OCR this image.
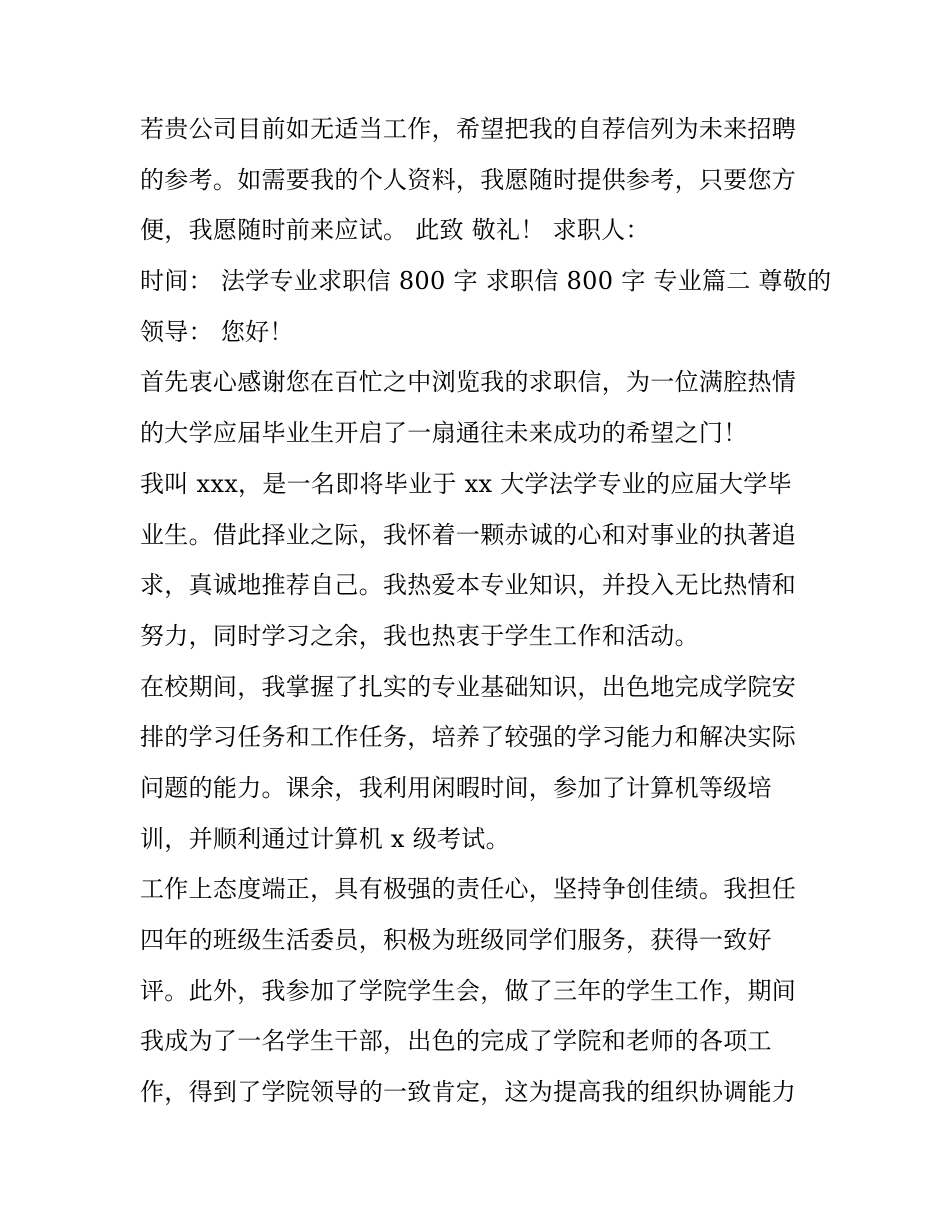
若贵公司目前如无适当工作，希望把我的自荐信列为未来招聘
的参考。如需要我的个人资料，我愿随时提供参考，只要您方
便，我愿随时前来应试。 此致 敬礼！ 求职人：
时间： 法学专业求职信 800 字 求职信 800 字 专业篇二 尊敬的
领导： 您好！
首先衷心感谢您在百忙之中浏览我的求职信，为一位满腔热情
的大学应届毕业生开启了一扇通往未来成功的希望之门！
我叫 xxx，是一名即将毕业于 xx 大学法学专业的应届大学毕
业生。借此择业之际，我怀着一颗赤诚的心和对事业的执著追
求，真诚地推荐自己。我热爱本专业知识，并投入无比热情和
努力，同时学习之余，我也热衷于学生工作和活动。
在校期间，我掌握了扎实的专业基础知识，出色地完成学院安
排的学习任务和工作任务，培养了较强的学习能力和解决实际
问题的能力。课余，我利用闲暇时间，参加了计算机等级培
训，并顺利通过计算机 x 级考试。
工作上态度端正，具有极强的责任心，坚持争创佳绩。我担任
四年的班级生活委员，积极为班级同学们服务，获得一致好
评。此外，我参加了学院学生会，做了三年的学生工作，期间
我成为了一名学生干部，出色的完成了学院和老师的各项工
作，得到了学院领导的一致肯定，这为提高我的组织协调能力
